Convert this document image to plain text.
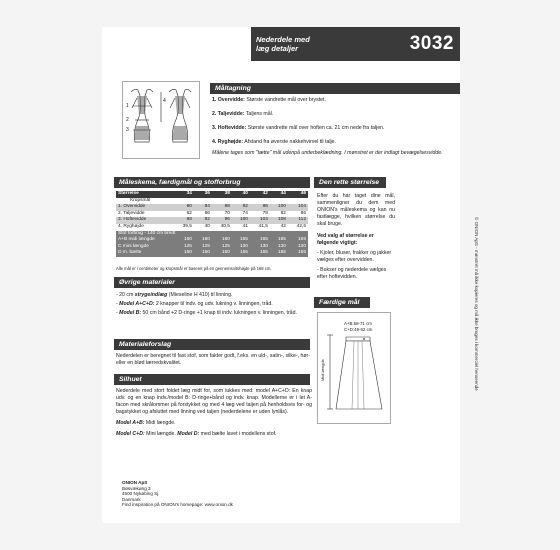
Nederdele med
læg detaljer	3032
1
2
3
4
Måltagning
1. Overvidde: Største vandrette mål over brystet.
2. Taljevidde: Taljens mål.
3. Hoftevidde: Største vandrette mål over hoften ca. 21 cm nede fra taljen.
4. Ryghøjde: Afstand fra øverste nakkehvirvel til talje.
Målene tages som "tætte" mål udenpå underbeklædning. I mønstret er der indlagt bevægelsesvidde.
Måleskema, færdigmål og stofforbrug	Den rette størrelse
Størrelse	34	36	38	40	42	44	46
Kropsmål							
1. Overvidde	80	84	88	92	96	100	104
2. Taljevidde	62	66	70	74	78	82	86
3. Hoftevidde	88	92	96	100	104	108	112
4. Ryghøjde	39,5	40	40,5	41	41,5	42	42,5
Stof forbrug - 140 cm bredt							
A+B midi længde	160	160	160	165	165	165	165
C mini længde	125	125	125	130	130	130	130
D m. bælte	150	150	150	155	155	155	155
Alle mål er i centimeter og kropsmål er baseret på en gennemsnitshøjde på 168 cm.
Efter du har taget dine mål, sammenligner du dem med ONION's måleskema og kan nu fastlægge, hvilken størrelse du skal bruge.
Ved valg af størrelse er følgende vigtigt:
- Kjoler, bluser, frakker og jakker vælges efter overvidden.
- Bukser og nederdele vælges efter hoftevidden.
Øvrige materialer
- 20 cm strygeindlæg (Mieseline H 410) til linning.
- Model A+C+D: 2 knapper til indv. og udv. lukning v. linningen, tråd.
- Model B: 50 cm bånd +2 D-ringe +1 knap til indv. lukningen v. linningen, tråd.
Færdige mål
A+B:68-71 cm
C+D:49-52 cm
Midi længde
Materialeforslag
Nederdelen er beregnet til fast stof, som falder godt, f.eks. en uld-, satin-, silke-, hør- eller en blød lærredskvalitet.
Silhuet
Nederdele med stort foldet læg midt for, som lukkes med: model A+C+D: En knap udv. og en knap indv./model B: D-ringe+bånd og indv. knap. Modellerne er i let A-facon med skrålommer på forstykket og med 4 læg ved taljen på henholdsvis for- og bagstykket og afsluttet med linning ved taljen (nederdelene er uden lynlås).
Model A+B: Midi længde.
Model C+D: Mini længde. Model D: med bælte lavet i modellens stof.
ONION ApS
Bøsvækøng 3
4500 Nykøbing Sj.
Danmark
Find inspiration på ONION's homepage: www.onion.dk
© ONION ApS - mønstret må ikke kopieres og må ikke bruges i kommerciel henseende
